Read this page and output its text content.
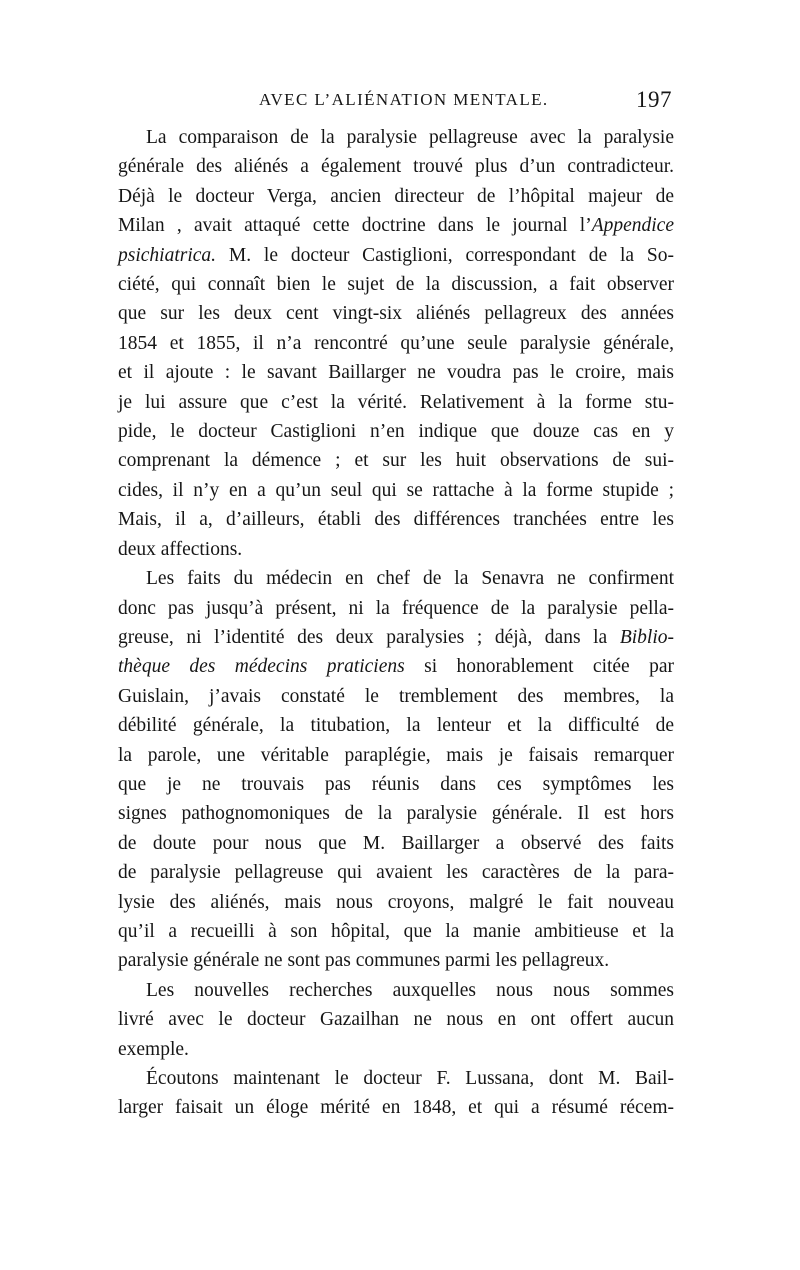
AVEC L’ALIÉNATION MENTALE.	197
La comparaison de la paralysie pellagreuse avec la paralysie
générale des aliénés a également trouvé plus d’un contradicteur.
Déjà le docteur Verga, ancien directeur de l’hôpital majeur de
Milan , avait attaqué cette doctrine dans le journal l’Appendice
psichiatrica. M. le docteur Castiglioni, correspondant de la So-
ciété, qui connaît bien le sujet de la discussion, a fait observer
que sur les deux cent vingt-six aliénés pellagreux des années
1854 et 1855, il n’a rencontré qu’une seule paralysie générale,
et il ajoute : le savant Baillarger ne voudra pas le croire, mais
je lui assure que c’est la vérité. Relativement à la forme stu-
pide, le docteur Castiglioni n’en indique que douze cas en y
comprenant la démence ; et sur les huit observations de sui-
cides, il n’y en a qu’un seul qui se rattache à la forme stupide ;
Mais, il a, d’ailleurs, établi des différences tranchées entre les
deux affections.
Les faits du médecin en chef de la Senavra ne confirment
donc pas jusqu’à présent, ni la fréquence de la paralysie pella-
greuse, ni l’identité des deux paralysies ; déjà, dans la Biblio-
thèque des médecins praticiens si honorablement citée par
Guislain, j’avais constaté le tremblement des membres, la
débilité générale, la titubation, la lenteur et la difficulté de
la parole, une véritable paraplégie, mais je faisais remarquer
que je ne trouvais pas réunis dans ces symptômes les
signes pathognomoniques de la paralysie générale. Il est hors
de doute pour nous que M. Baillarger a observé des faits
de paralysie pellagreuse qui avaient les caractères de la para-
lysie des aliénés, mais nous croyons, malgré le fait nouveau
qu’il a recueilli à son hôpital, que la manie ambitieuse et la
paralysie générale ne sont pas communes parmi les pellagreux.
Les nouvelles recherches auxquelles nous nous sommes
livré avec le docteur Gazailhan ne nous en ont offert aucun
exemple.
Écoutons maintenant le docteur F. Lussana, dont M. Bail-
larger faisait un éloge mérité en 1848, et qui a résumé récem-
